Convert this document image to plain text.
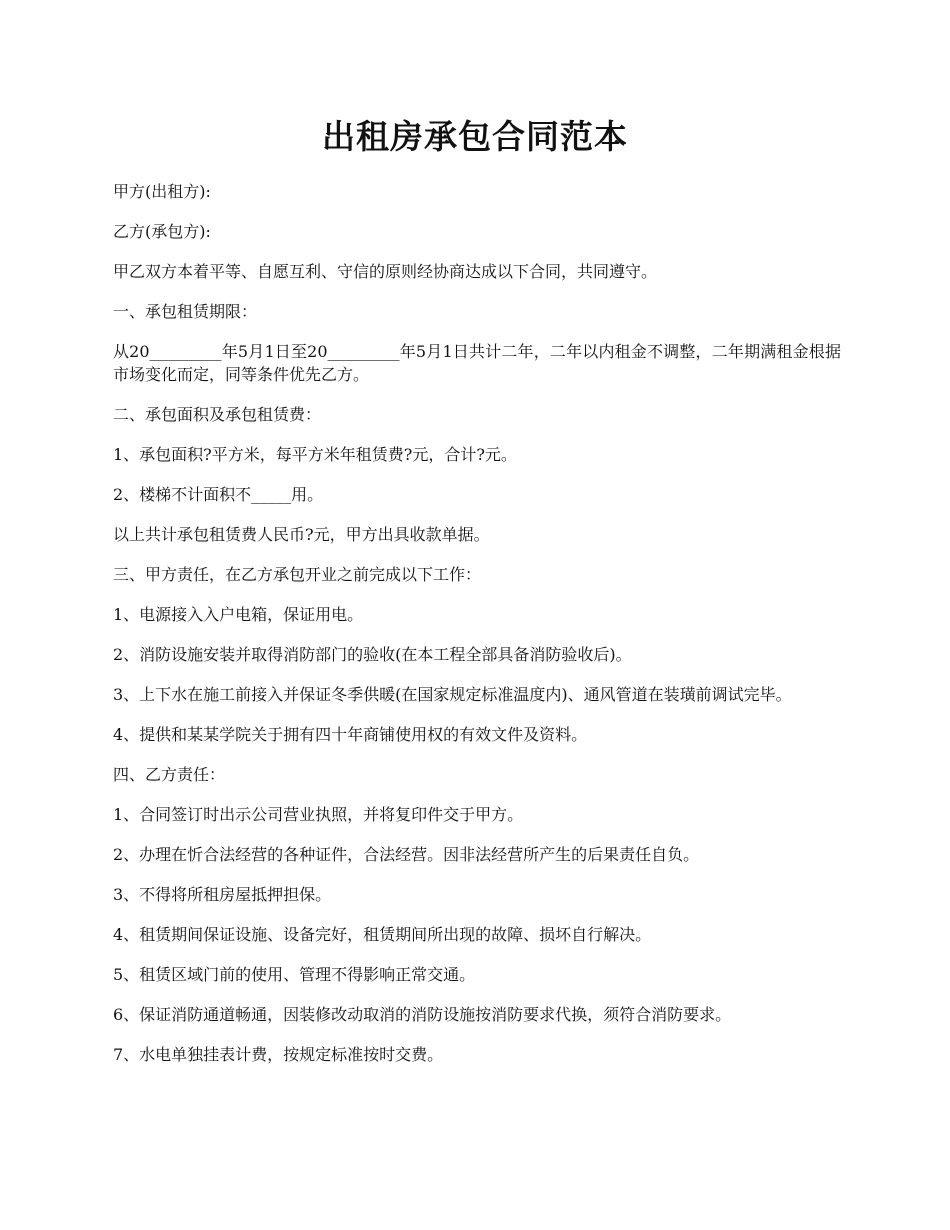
出租房承包合同范本

甲方(出租方):

乙方(承包方):

甲乙双方本着平等、自愿互利、守信的原则经协商达成以下合同，共同遵守。

一、承包租赁期限：

从20_________年5月1日至20_________年5月1日共计二年，二年以内租金不调整，二年期满租金根据市场变化而定，同等条件优先乙方。

二、承包面积及承包租赁费：

1、承包面积?平方米，每平方米年租赁费?元，合计?元。

2、楼梯不计面积不_____用。

以上共计承包租赁费人民币?元，甲方出具收款单据。

三、甲方责任，在乙方承包开业之前完成以下工作：

1、电源接入入户电箱，保证用电。

2、消防设施安装并取得消防部门的验收(在本工程全部具备消防验收后)。

3、上下水在施工前接入并保证冬季供暖(在国家规定标准温度内)、通风管道在装璜前调试完毕。

4、提供和某某学院关于拥有四十年商铺使用权的有效文件及资料。

四、乙方责任：

1、合同签订时出示公司营业执照，并将复印件交于甲方。

2、办理在忻合法经营的各种证件，合法经营。因非法经营所产生的后果责任自负。

3、不得将所租房屋抵押担保。

4、租赁期间保证设施、设备完好，租赁期间所出现的故障、损坏自行解决。

5、租赁区域门前的使用、管理不得影响正常交通。

6、保证消防通道畅通，因装修改动取消的消防设施按消防要求代换，须符合消防要求。

7、水电单独挂表计费，按规定标准按时交费。
